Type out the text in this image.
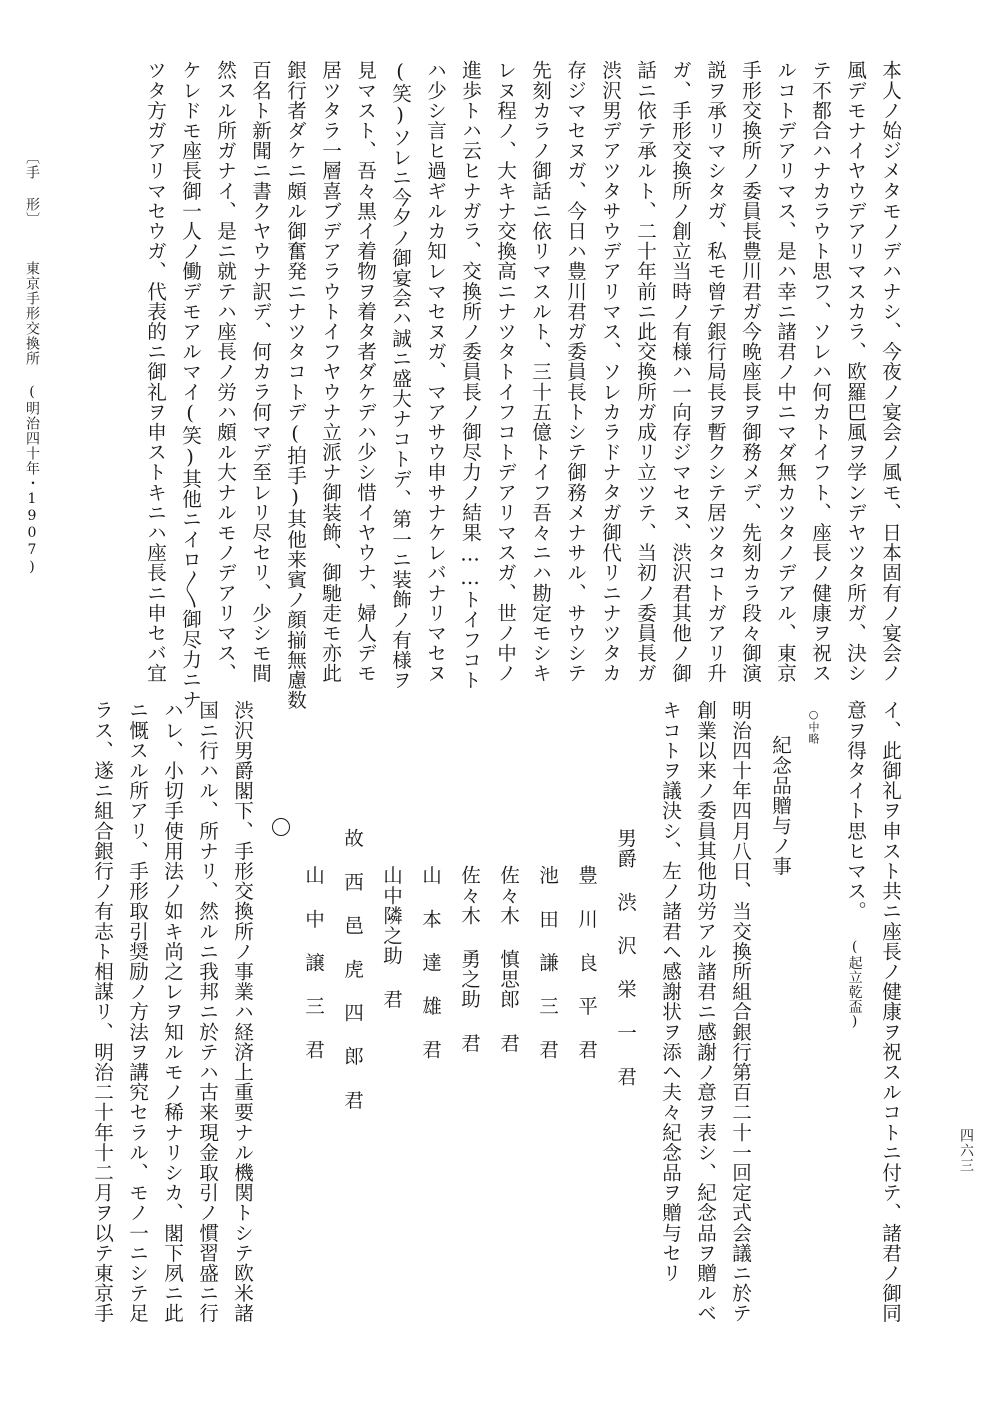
四六三
〔手 形〕東京手形交換所(明治四十年・1907)	本人ノ始ジメタモノデハナシ、今夜ノ宴会ノ風モ、日本固有ノ宴会ノ
風デモナイヤウデアリマスカラ、欧羅巴風ヲ学ンデヤツタ所ガ、決シ
テ不都合ハナカラウト思フ、ソレハ何カトイフト、座長ノ健康ヲ祝ス
ルコトデアリマス、是ハ幸ニ諸君ノ中ニマダ無カツタノデアル、東京
手形交換所ノ委員長豊川君ガ今晩座長ヲ御務メデ、先刻カラ段々御演
説ヲ承リマシタガ、私モ曾テ銀行局長ヲ暫クシテ居ツタコトガアリ升
ガ、手形交換所ノ創立当時ノ有様ハ一向存ジマセヌ、渋沢君其他ノ御
話ニ依テ承ルト、二十年前ニ此交換所ガ成リ立ツテ、当初ノ委員長ガ
渋沢男デアツタサウデアリマス、ソレカラドナタガ御代リニナツタカ
存ジマセヌガ、今日ハ豊川君ガ委員長トシテ御務メナサル、サウシテ
先刻カラノ御話ニ依リマスルト、三十五億トイフ吾々ニハ勘定モシキ
レヌ程ノ、大キナ交換高ニナツタトイフコトデアリマスガ、世ノ中ノ
進歩トハ云ヒナガラ、交換所ノ委員長ノ御尽力ノ結果……トイフコト
ハ少シ言ヒ過ギルカ知レマセヌガ、マアサウ申サナケレバナリマセヌ
(笑)ソレニ今夕ノ御宴会ハ誠ニ盛大ナコトデ、第一ニ装飾ノ有様ヲ
見マスト、吾々黒イ着物ヲ着タ者ダケデハ少シ惜イヤウナ、婦人デモ
居ツタラ一層喜ブデアラウトイフヤウナ立派ナ御装飾、御馳走モ亦此
銀行者ダケニ頗ル御奮発ニナツタコトデ(拍手)其他来賓ノ顔揃無慮数
百名ト新聞ニ書クヤウナ訳デ、何カラ何マデ至レリ尽セリ、少シモ間
然スル所ガナイ、是ニ就テハ座長ノ労ハ頗ル大ナルモノデアリマス、
ケレドモ座長御一人ノ働デモアルマイ(笑)其他ニイロ〳〵御尽力ニナ
ツタ方ガアリマセウガ、代表的ニ御礼ヲ申ストキニハ座長ニ申セバ宜
イ、此御礼ヲ申スト共ニ座長ノ健康ヲ祝スルコトニ付テ、諸君ノ御同
意ヲ得タイト思ヒマス。(起立乾盃)
○中略
紀念品贈与ノ事
明治四十年四月八日、当交換所組合銀行第百二十一回定式会議ニ於テ
創業以来ノ委員其他功労アル諸君ニ感謝ノ意ヲ表シ、紀念品ヲ贈ルベ
キコトヲ議決シ、左ノ諸君ヘ感謝状ヲ添ヘ夫々紀念品ヲ贈与セリ
男爵 渋 沢 栄 一 君
豊 川 良 平 君
池 田 謙 三 君
佐々木 慎思郎 君
佐々木 勇之助 君
山 本 達 雄 君
山中隣之助 君
故 西 邑 虎 四 郎 君
山 中 譲 三 君
渋沢男爵閣下、手形交換所ノ事業ハ経済上重要ナル機関トシテ欧米諸
国ニ行ハル、所ナリ、然ルニ我邦ニ於テハ古来現金取引ノ慣習盛ニ行
ハレ、小切手使用法ノ如キ尚之レヲ知ルモノ稀ナリシカ、閣下夙ニ此
ニ慨スル所アリ、手形取引奨励ノ方法ヲ講究セラル、モノ一ニシテ足
ラス、遂ニ組合銀行ノ有志ト相謀リ、明治二十年十二月ヲ以テ東京手
